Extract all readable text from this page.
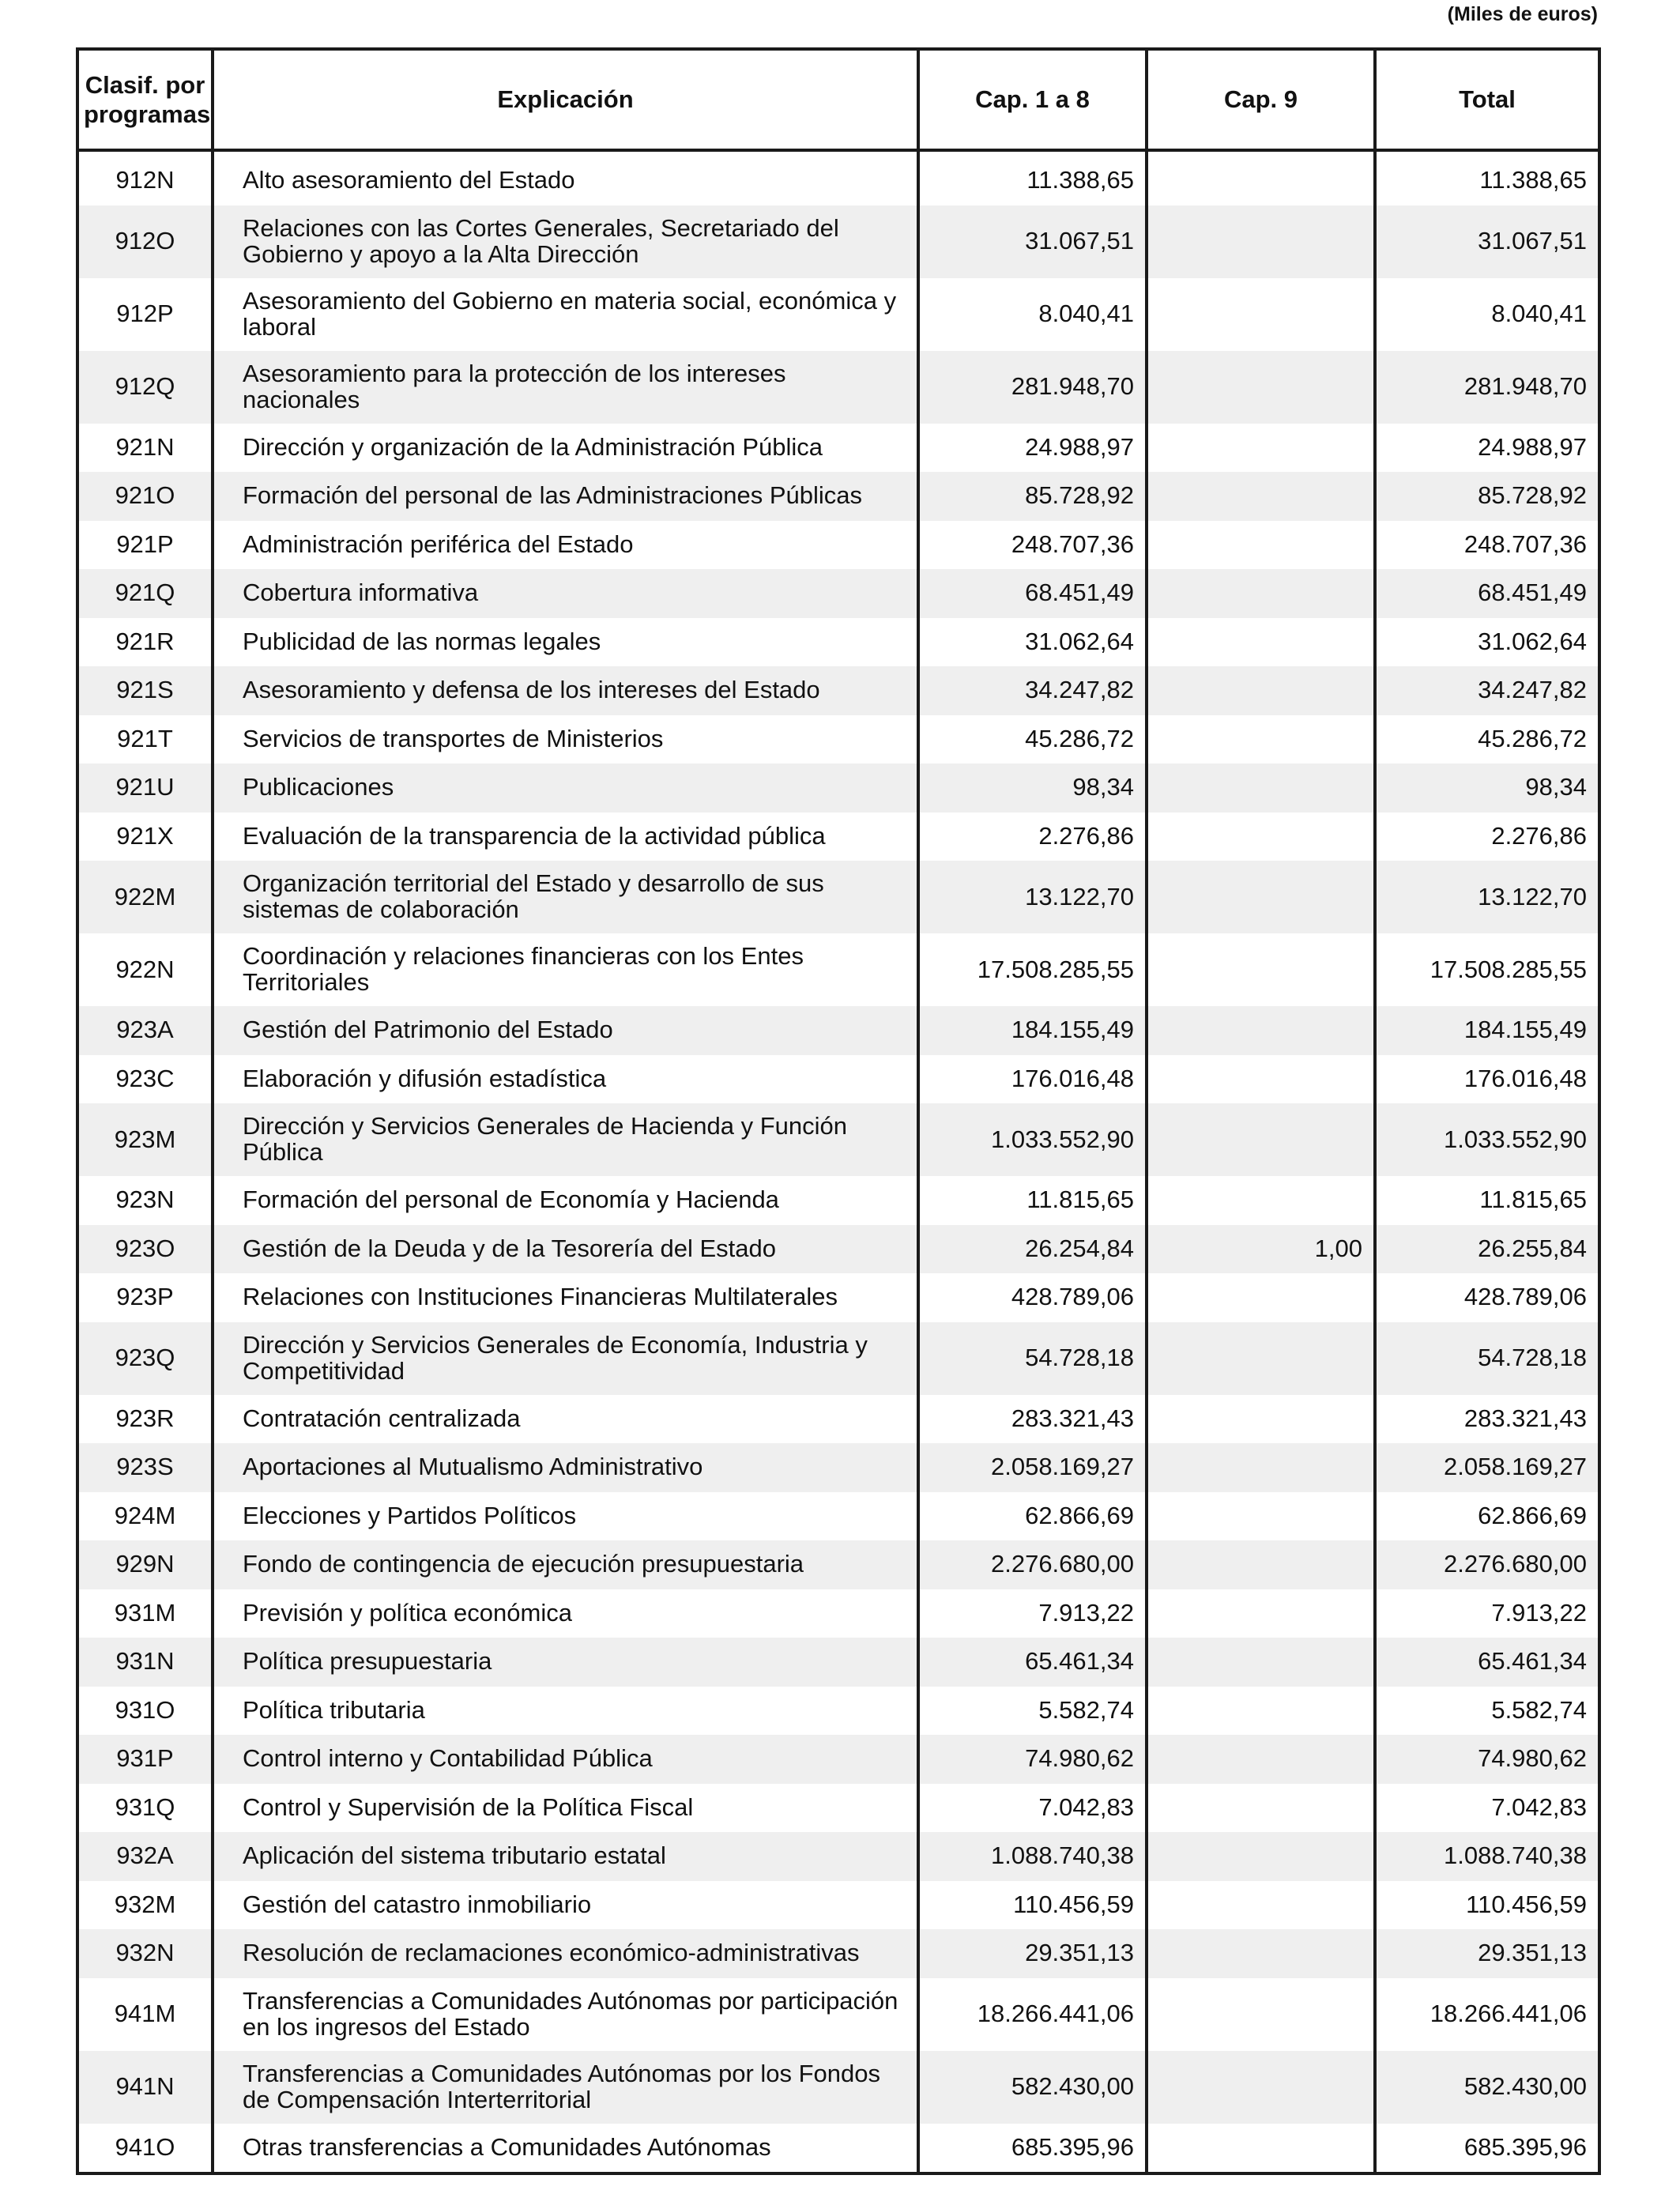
(Miles de euros)
Clasif. por programas	Explicación	Cap. 1 a 8	Cap. 9	Total
912N	Alto asesoramiento del Estado	11.388,65		11.388,65
912O	Relaciones con las Cortes Generales, Secretariado del Gobierno y apoyo a la Alta Dirección	31.067,51		31.067,51
912P	Asesoramiento del Gobierno en materia social, económica y laboral	8.040,41		8.040,41
912Q	Asesoramiento para la protección de los intereses nacionales	281.948,70		281.948,70
921N	Dirección y organización de la Administración Pública	24.988,97		24.988,97
921O	Formación del personal de las Administraciones Públicas	85.728,92		85.728,92
921P	Administración periférica del Estado	248.707,36		248.707,36
921Q	Cobertura informativa	68.451,49		68.451,49
921R	Publicidad de las normas legales	31.062,64		31.062,64
921S	Asesoramiento y defensa de los intereses del Estado	34.247,82		34.247,82
921T	Servicios de transportes de Ministerios	45.286,72		45.286,72
921U	Publicaciones	98,34		98,34
921X	Evaluación de la transparencia de la actividad pública	2.276,86		2.276,86
922M	Organización territorial del Estado y desarrollo de sus sistemas de colaboración	13.122,70		13.122,70
922N	Coordinación y relaciones financieras con los Entes Territoriales	17.508.285,55		17.508.285,55
923A	Gestión del Patrimonio del Estado	184.155,49		184.155,49
923C	Elaboración y difusión estadística	176.016,48		176.016,48
923M	Dirección y Servicios Generales de Hacienda y Función Pública	1.033.552,90		1.033.552,90
923N	Formación del personal de Economía y Hacienda	11.815,65		11.815,65
923O	Gestión de la Deuda y de la Tesorería del Estado	26.254,84	1,00	26.255,84
923P	Relaciones con Instituciones Financieras Multilaterales	428.789,06		428.789,06
923Q	Dirección y Servicios Generales de Economía, Industria y Competitividad	54.728,18		54.728,18
923R	Contratación centralizada	283.321,43		283.321,43
923S	Aportaciones al Mutualismo Administrativo	2.058.169,27		2.058.169,27
924M	Elecciones y Partidos Políticos	62.866,69		62.866,69
929N	Fondo de contingencia de ejecución presupuestaria	2.276.680,00		2.276.680,00
931M	Previsión y política económica	7.913,22		7.913,22
931N	Política presupuestaria	65.461,34		65.461,34
931O	Política tributaria	5.582,74		5.582,74
931P	Control interno y Contabilidad Pública	74.980,62		74.980,62
931Q	Control y Supervisión de la Política Fiscal	7.042,83		7.042,83
932A	Aplicación del sistema tributario estatal	1.088.740,38		1.088.740,38
932M	Gestión del catastro inmobiliario	110.456,59		110.456,59
932N	Resolución de reclamaciones económico-administrativas	29.351,13		29.351,13
941M	Transferencias a Comunidades Autónomas por participación en los ingresos del Estado	18.266.441,06		18.266.441,06
941N	Transferencias a Comunidades Autónomas por los Fondos de Compensación Interterritorial	582.430,00		582.430,00
941O	Otras transferencias a Comunidades Autónomas	685.395,96		685.395,96
